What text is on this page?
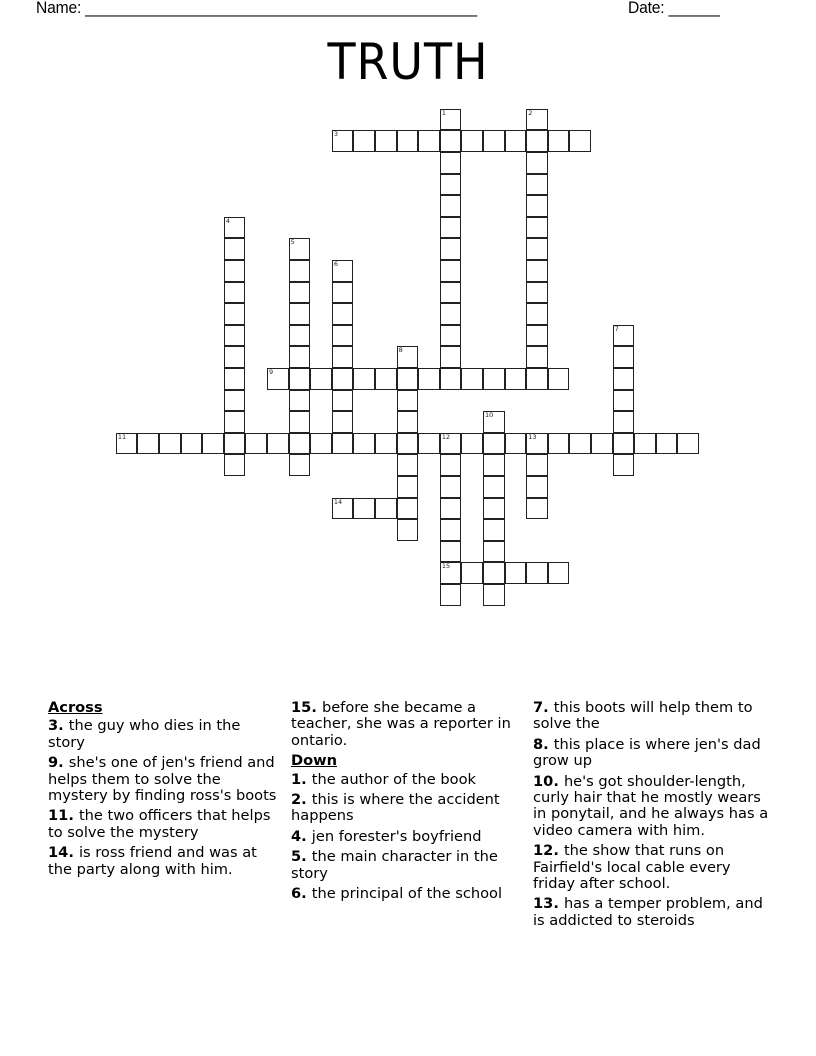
Name: ______________________________________________	Date: ______
TRUTH
1	2
3
4
5
6
7
8
9
10
11	12	13
15
14
Across
3. the guy who dies in the story
9. she's one of jen's friend and helps them to solve the mystery by finding ross's boots
11. the two officers that helps to solve the mystery
14. is ross friend and was at the party along with him.
15. before she became a teacher, she was a reporter in ontario.
Down
1. the author of the book
2. this is where the accident happens
4. jen forester's boyfriend
5. the main character in the story
6. the principal of the school
7. this boots will help them to solve the
8. this place is where jen's dad grow up
10. he's got shoulder-length, curly hair that he mostly wears in ponytail, and he always has a video camera with him.
12. the show that runs on Fairfield's local cable every friday after school.
13. has a temper problem, and is addicted to steroids
